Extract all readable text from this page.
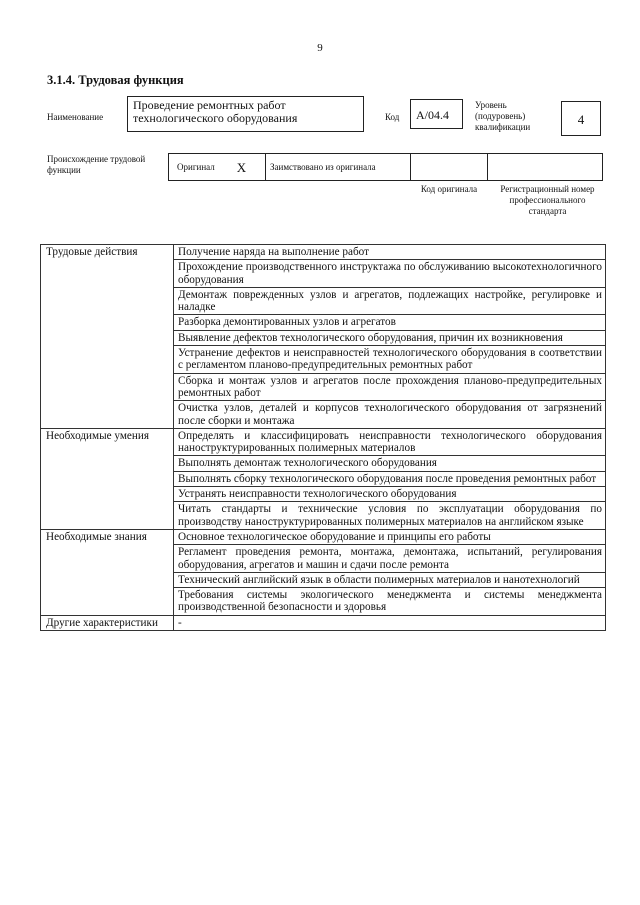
9
3.1.4. Трудовая функция
Наименование
Проведение ремонтных работ технологического оборудования	Код	А/04.4
Уровень (подуровень) квалификации	4
Происхождение трудовой функции	Оригинал X	Заимствовано из оригинала
Код оригинала	Регистрационный номер профессионального стандарта
Трудовые действия	Получение наряда на выполнение работ
	Прохождение производственного инструктажа по обслуживанию высокотехнологичного оборудования
	Демонтаж поврежденных узлов и агрегатов, подлежащих настройке, регулировке и наладке
	Разборка демонтированных узлов и агрегатов
	Выявление дефектов технологического оборудования, причин их возникновения
	Устранение дефектов и неисправностей технологического оборудования в соответствии с регламентом планово-предупредительных ремонтных работ
	Сборка и монтаж узлов и агрегатов после прохождения планово-предупредительных ремонтных работ
	Очистка узлов, деталей и корпусов технологического оборудования от загрязнений после сборки и монтажа
Необходимые умения	Определять и классифицировать неисправности технологического оборудования наноструктурированных полимерных материалов
	Выполнять демонтаж технологического оборудования
	Выполнять сборку технологического оборудования после проведения ремонтных работ
	Устранять неисправности технологического оборудования
	Читать стандарты и технические условия по эксплуатации оборудования по производству наноструктурированных полимерных материалов на английском языке
Необходимые знания	Основное технологическое оборудование и принципы его работы
	Регламент проведения ремонта, монтажа, демонтажа, испытаний, регулирования оборудования, агрегатов и машин и сдачи после ремонта
	Технический английский язык в области полимерных материалов и нанотехнологий
	Требования системы экологического менеджмента и системы менеджмента производственной безопасности и здоровья
Другие характеристики	-
